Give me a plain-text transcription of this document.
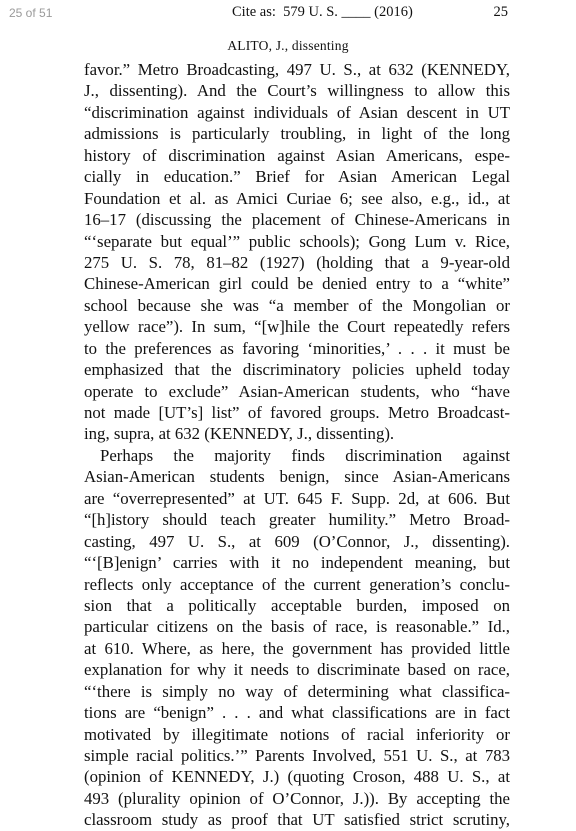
25 of 51	Cite as:  579 U. S. ____ (2016)	25
ALITO, J., dissenting
favor.” Metro Broadcasting, 497 U. S., at 632 (KENNEDY,
J., dissenting). And the Court’s willingness to allow this
“discrimination against individuals of Asian descent in UT
admissions is particularly troubling, in light of the long
history of discrimination against Asian Americans, espe-
cially in education.” Brief for Asian American Legal
Foundation et al. as Amici Curiae 6; see also, e.g., id., at
16–17 (discussing the placement of Chinese-Americans in
“‘separate but equal’” public schools); Gong Lum v. Rice,
275 U. S. 78, 81–82 (1927) (holding that a 9-year-old
Chinese-American girl could be denied entry to a “white”
school because she was “a member of the Mongolian or
yellow race”). In sum, “[w]hile the Court repeatedly refers
to the preferences as favoring ‘minorities,’ . . . it must be
emphasized that the discriminatory policies upheld today
operate to exclude” Asian-American students, who “have
not made [UT’s] list” of favored groups. Metro Broadcast-
ing, supra, at 632 (KENNEDY, J., dissenting).
Perhaps the majority finds discrimination against
Asian-American students benign, since Asian-Americans
are “overrepresented” at UT. 645 F. Supp. 2d, at 606. But
“[h]istory should teach greater humility.” Metro Broad-
casting, 497 U. S., at 609 (O’Connor, J., dissenting).
“‘[B]enign’ carries with it no independent meaning, but
reflects only acceptance of the current generation’s conclu-
sion that a politically acceptable burden, imposed on
particular citizens on the basis of race, is reasonable.” Id.,
at 610. Where, as here, the government has provided little
explanation for why it needs to discriminate based on race,
“‘there is simply no way of determining what classifica-
tions are “benign” . . . and what classifications are in fact
motivated by illegitimate notions of racial inferiority or
simple racial politics.’” Parents Involved, 551 U. S., at 783
(opinion of KENNEDY, J.) (quoting Croson, 488 U. S., at
493 (plurality opinion of O’Connor, J.)). By accepting the
classroom study as proof that UT satisfied strict scrutiny,
